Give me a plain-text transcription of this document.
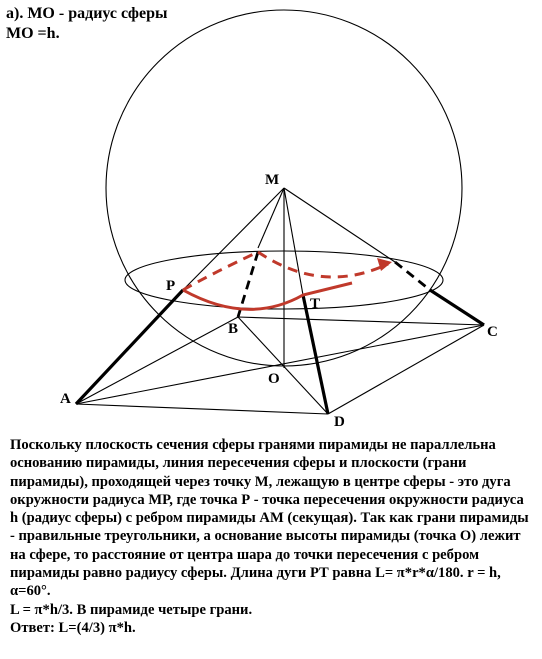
а). МО - радиус сферы
МО =h.
M
P
T
B	C
O
A
D

Поскольку плоскость сечения сферы гранями пирамиды не параллельна основанию пирамиды, линия пересечения сферы и плоскости (грани пирамиды), проходящей через точку М, лежащую в центре сферы - это дуга окружности радиуса МР, где точка Р - точка пересечения окружности радиуса h (радиус сферы) с ребром пирамиды АМ (секущая). Так как грани пирамиды - правильные треугольники, а основание высоты пирамиды (точка О) лежит на сфере, то расстояние от центра шара до точки пересечения с ребром пирамиды равно радиусу сферы. Длина дуги РТ равна L= π*r*α/180. r = h, α=60°.

L = π*h/3. В пирамиде четыре грани.

Ответ: L=(4/3) π*h.
